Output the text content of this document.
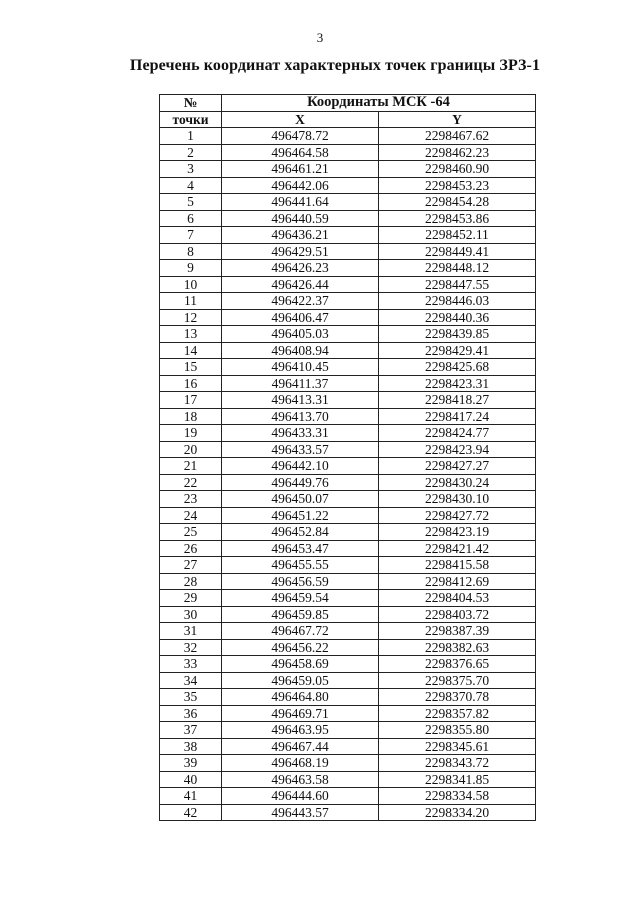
3
Перечень координат характерных точек границы ЗРЗ-1
№	Координаты МСК -64	
точки	X	Y
1	496478.72	2298467.62
2	496464.58	2298462.23
3	496461.21	2298460.90
4	496442.06	2298453.23
5	496441.64	2298454.28
6	496440.59	2298453.86
7	496436.21	2298452.11
8	496429.51	2298449.41
9	496426.23	2298448.12
10	496426.44	2298447.55
11	496422.37	2298446.03
12	496406.47	2298440.36
13	496405.03	2298439.85
14	496408.94	2298429.41
15	496410.45	2298425.68
16	496411.37	2298423.31
17	496413.31	2298418.27
18	496413.70	2298417.24
19	496433.31	2298424.77
20	496433.57	2298423.94
21	496442.10	2298427.27
22	496449.76	2298430.24
23	496450.07	2298430.10
24	496451.22	2298427.72
25	496452.84	2298423.19
26	496453.47	2298421.42
27	496455.55	2298415.58
28	496456.59	2298412.69
29	496459.54	2298404.53
30	496459.85	2298403.72
31	496467.72	2298387.39
32	496456.22	2298382.63
33	496458.69	2298376.65
34	496459.05	2298375.70
35	496464.80	2298370.78
36	496469.71	2298357.82
37	496463.95	2298355.80
38	496467.44	2298345.61
39	496468.19	2298343.72
40	496463.58	2298341.85
41	496444.60	2298334.58
42	496443.57	2298334.20
